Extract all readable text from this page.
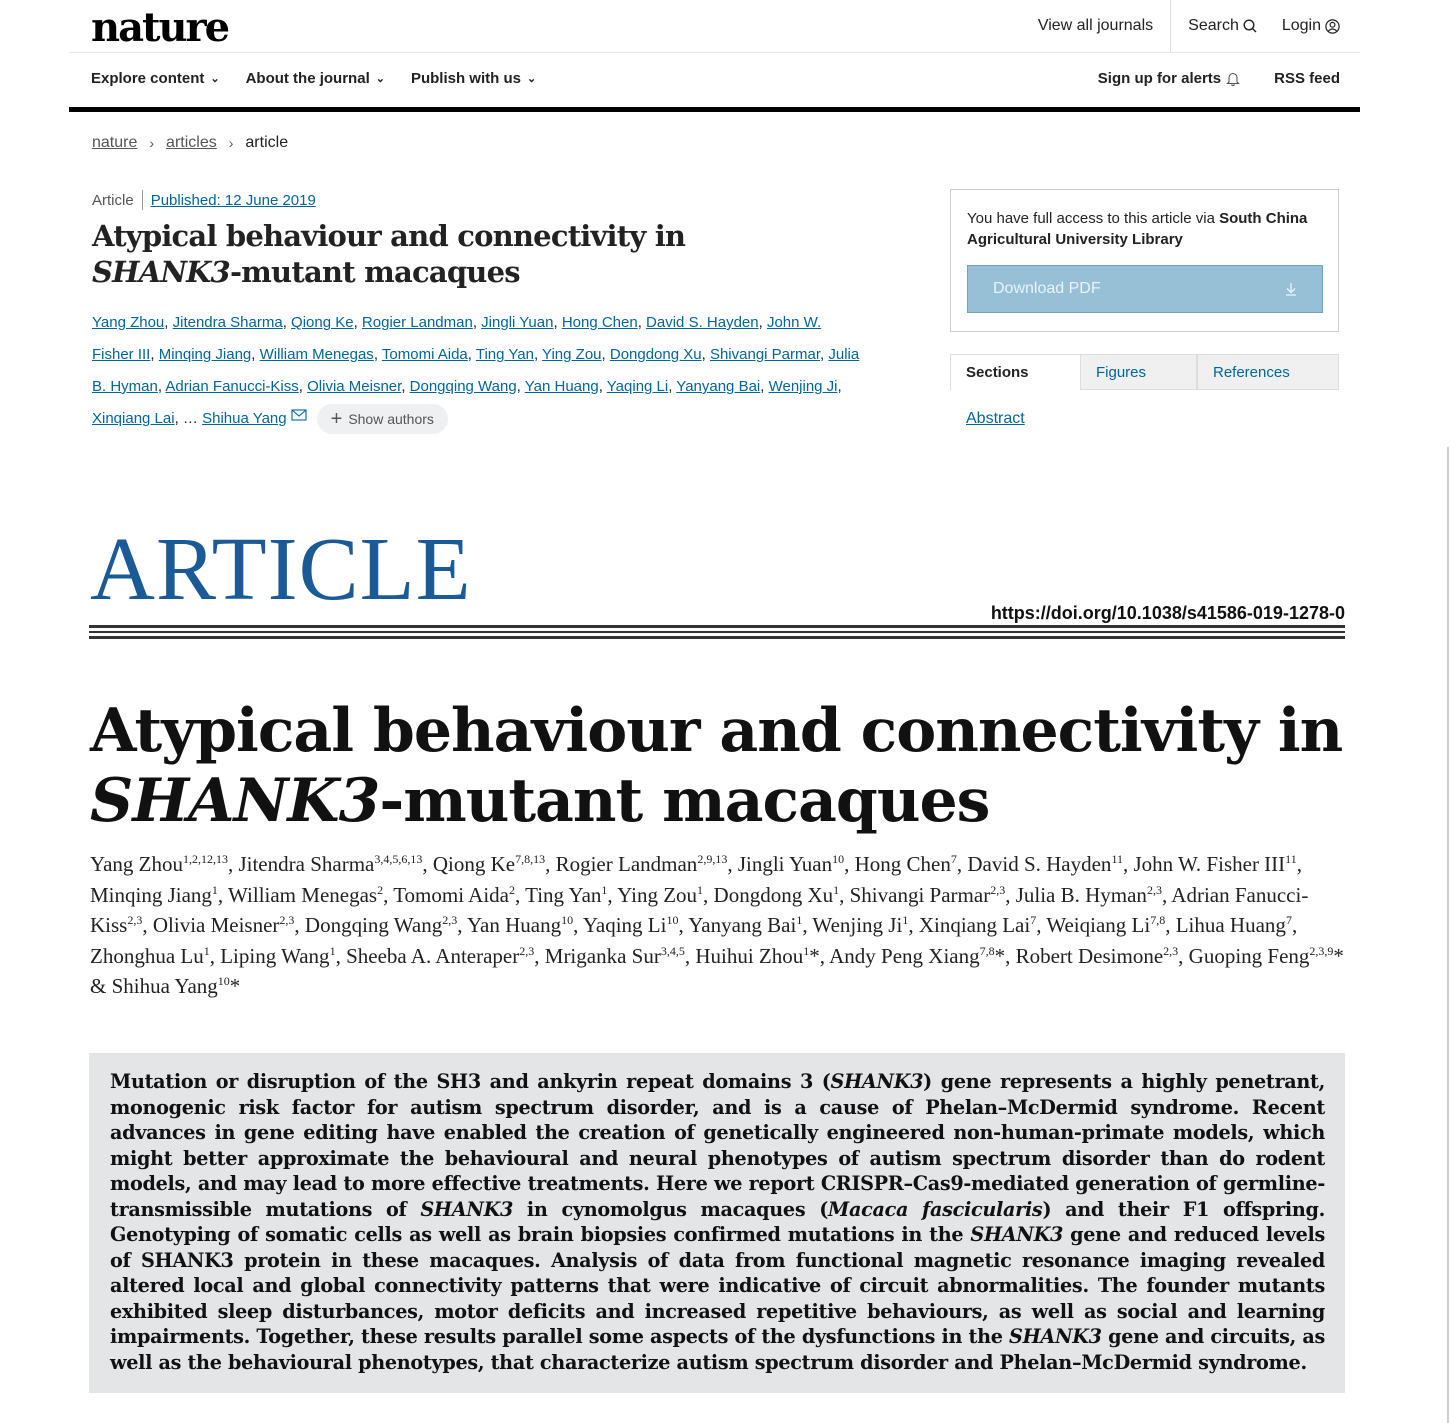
nature	View all journals Search	Login
Explore content ⌄ About the journal ⌄ Publish with us ⌄	Sign up for alerts	RSS feed
nature › articles › article
Article Published: 12 June 2019
Atypical behaviour and connectivity in SHANK3-mutant macaques
Yang Zhou, Jitendra Sharma, Qiong Ke, Rogier Landman, Jingli Yuan, Hong Chen, David S. Hayden, John W. Fisher III, Minqing Jiang, William Menegas, Tomomi Aida, Ting Yan, Ying Zou, Dongdong Xu, Shivangi Parmar, Julia B. Hyman, Adrian Fanucci-Kiss, Olivia Meisner, Dongqing Wang, Yan Huang, Yaqing Li, Yanyang Bai, Wenjing Ji, Xinqiang Lai, … Shihua Yang + Show authors
You have full access to this article via South China Agricultural University Library
Download PDF
Sections	Figures	References
Abstract
ARTICLE	https://doi.org/10.1038/s41586-019-1278-0
Atypical behaviour and connectivity in
SHANK3-mutant macaques
Yang Zhou$^{1,2,12,13}$, Jitendra Sharma$^{3,4,5,6,13}$, Qiong Ke$^{7,8,13}$, Rogier Landman$^{2,9,13}$, Jingli Yuan$^{10}$, Hong Chen$^7$, David S. Hayden$^{11}$, John W. Fisher III$^{11}$, Minqing Jiang$^1$, William Menegas$^2$, Tomomi Aida$^2$, Ting Yan$^1$, Ying Zou$^1$, Dongdong Xu$^1$, Shivangi Parmar$^{2,3}$, Julia B. Hyman$^{2,3}$, Adrian Fanucci-Kiss$^{2,3}$, Olivia Meisner$^{2,3}$, Dongqing Wang$^{2,3}$, Yan Huang$^{10}$, Yaqing Li$^{10}$, Yanyang Bai$^1$, Wenjing Ji$^1$, Xinqiang Lai$^7$, Weiqiang Li$^{7,8}$, Lihua Huang$^7$, Zhonghua Lu$^1$, Liping Wang$^1$, Sheeba A. Anteraper$^{2,3}$, Mriganka Sur$^{3,4,5}$, Huihui Zhou$^1$*, Andy Peng Xiang$^{7,8}$*, Robert Desimone$^{2,3}$, Guoping Feng$^{2,3,9}$* & Shihua Yang$^{10}$*
Mutation or disruption of the SH3 and ankyrin repeat domains 3 (SHANK3) gene represents a highly penetrant, monogenic risk factor for autism spectrum disorder, and is a cause of Phelan–McDermid syndrome. Recent advances in gene editing have enabled the creation of genetically engineered non-human-primate models, which might better approximate the behavioural and neural phenotypes of autism spectrum disorder than do rodent models, and may lead to more effective treatments. Here we report CRISPR–Cas9-mediated generation of germline-transmissible mutations of SHANK3 in cynomolgus macaques (Macaca fascicularis) and their F1 offspring. Genotyping of somatic cells as well as brain biopsies confirmed mutations in the SHANK3 gene and reduced levels of SHANK3 protein in these macaques. Analysis of data from functional magnetic resonance imaging revealed altered local and global connectivity patterns that were indicative of circuit abnormalities. The founder mutants exhibited sleep disturbances, motor deficits and increased repetitive behaviours, as well as social and learning impairments. Together, these results parallel some aspects of the dysfunctions in the SHANK3 gene and circuits, as well as the behavioural phenotypes, that characterize autism spectrum disorder and Phelan–McDermid syndrome.
